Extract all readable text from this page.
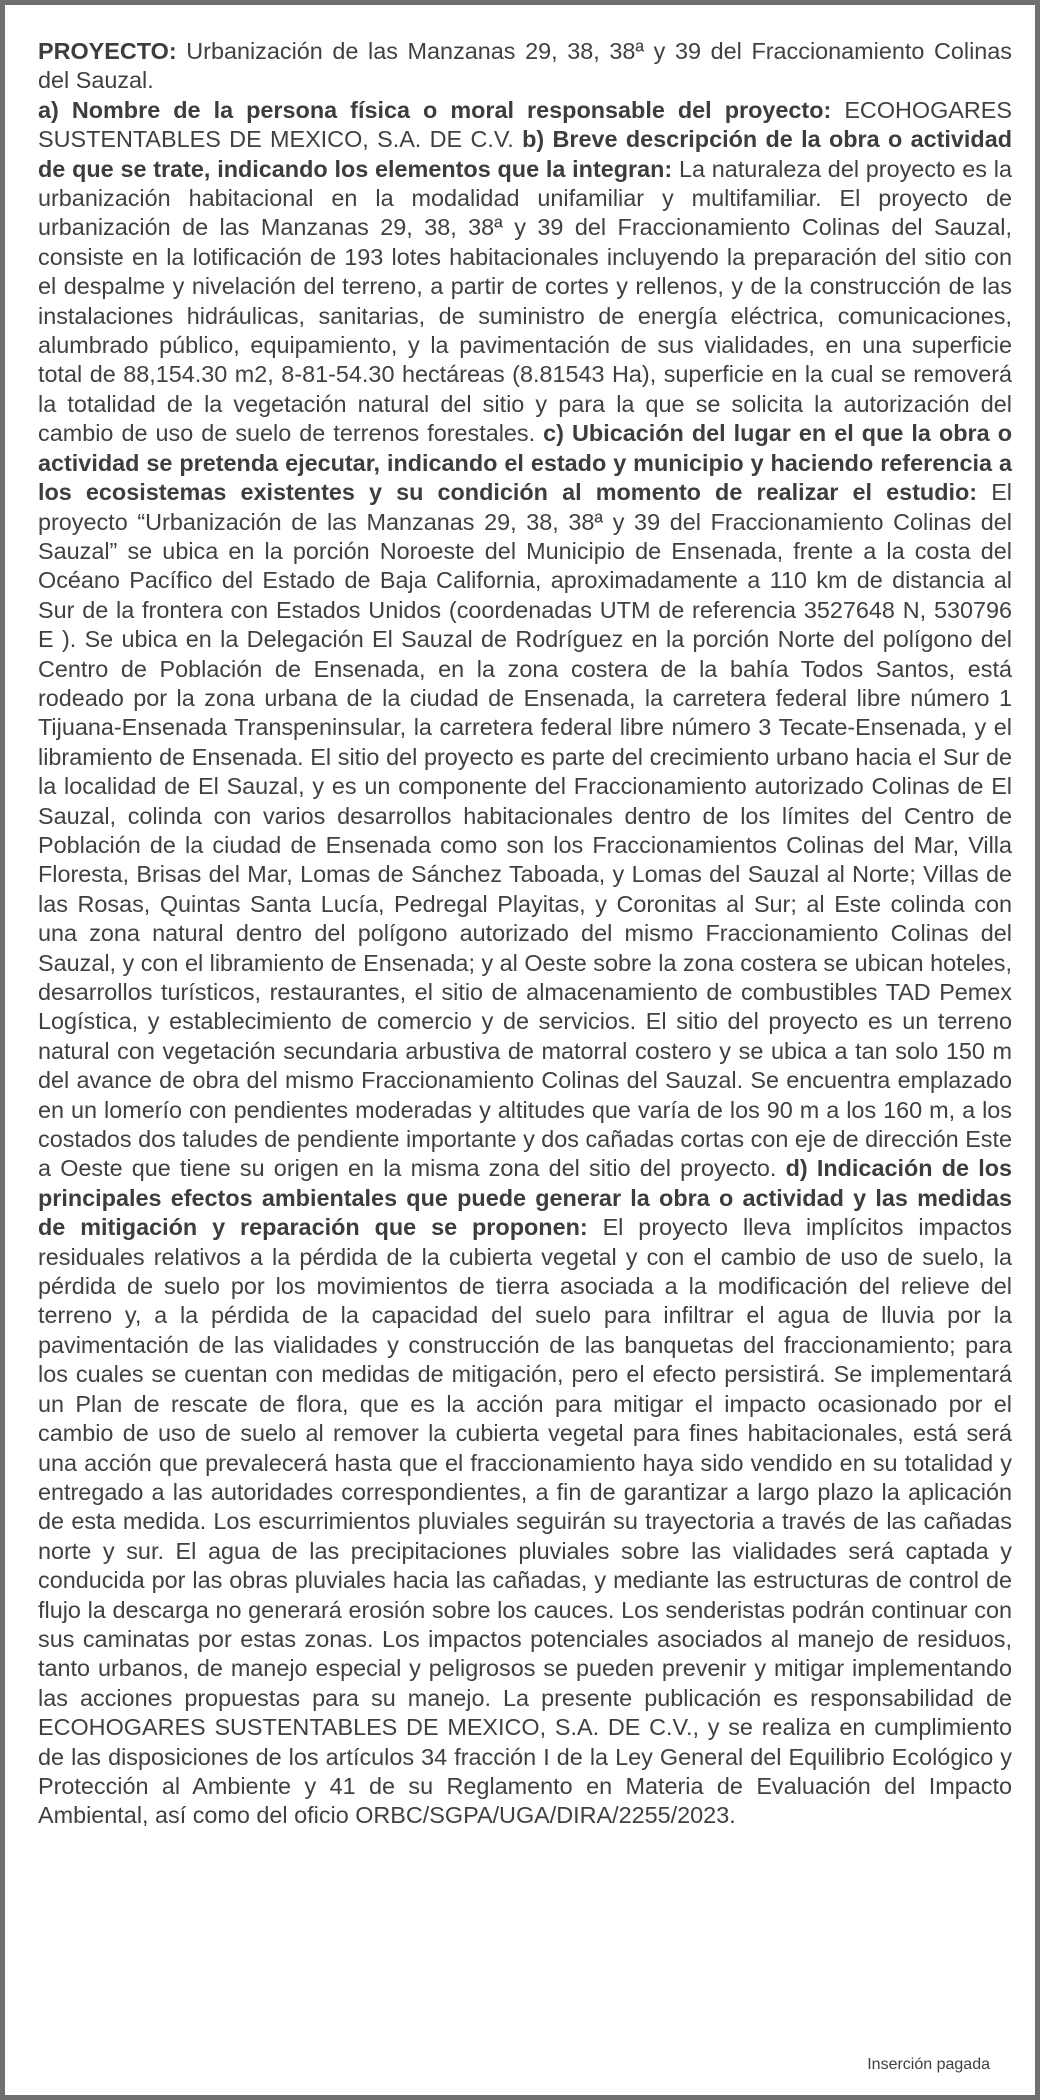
PROYECTO: Urbanización de las Manzanas 29, 38, 38ª y 39 del Fraccionamiento Colinas del Sauzal.

a) Nombre de la persona física o moral responsable del proyecto: ECOHOGARES SUSTENTABLES DE MEXICO, S.A. DE C.V. b) Breve descripción de la obra o actividad de que se trate, indicando los elementos que la integran: La naturaleza del proyecto es la urbanización habitacional en la modalidad unifamiliar y multifamiliar. El proyecto de urbanización de las Manzanas 29, 38, 38ª y 39 del Fraccionamiento Colinas del Sauzal, consiste en la lotificación de 193 lotes habitacionales incluyendo la preparación del sitio con el despalme y nivelación del terreno, a partir de cortes y rellenos, y de la construcción de las instalaciones hidráulicas, sanitarias, de suministro de energía eléctrica, comunicaciones, alumbrado público, equipamiento, y la pavimentación de sus vialidades, en una superficie total de 88,154.30 m2, 8-81-54.30 hectáreas (8.81543 Ha), superficie en la cual se removerá la totalidad de la vegetación natural del sitio y para la que se solicita la autorización del cambio de uso de suelo de terrenos forestales. c) Ubicación del lugar en el que la obra o actividad se pretenda ejecutar, indicando el estado y municipio y haciendo referencia a los ecosistemas existentes y su condición al momento de realizar el estudio: El proyecto “Urbanización de las Manzanas 29, 38, 38ª y 39 del Fraccionamiento Colinas del Sauzal” se ubica en la porción Noroeste del Municipio de Ensenada, frente a la costa del Océano Pacífico del Estado de Baja California, aproximadamente a 110 km de distancia al Sur de la frontera con Estados Unidos (coordenadas UTM de referencia 3527648 N, 530796 E ). Se ubica en la Delegación El Sauzal de Rodríguez en la porción Norte del polígono del Centro de Población de Ensenada, en la zona costera de la bahía Todos Santos, está rodeado por la zona urbana de la ciudad de Ensenada, la carretera federal libre número 1 Tijuana-Ensenada Transpeninsular, la carretera federal libre número 3 Tecate-Ensenada, y el libramiento de Ensenada. El sitio del proyecto es parte del crecimiento urbano hacia el Sur de la localidad de El Sauzal, y es un componente del Fraccionamiento autorizado Colinas de El Sauzal, colinda con varios desarrollos habitacionales dentro de los límites del Centro de Población de la ciudad de Ensenada como son los Fraccionamientos Colinas del Mar, Villa Floresta, Brisas del Mar, Lomas de Sánchez Taboada, y Lomas del Sauzal al Norte; Villas de las Rosas, Quintas Santa Lucía, Pedregal Playitas, y Coronitas al Sur; al Este colinda con una zona natural dentro del polígono autorizado del mismo Fraccionamiento Colinas del Sauzal, y con el libramiento de Ensenada; y al Oeste sobre la zona costera se ubican hoteles, desarrollos turísticos, restaurantes, el sitio de almacenamiento de combustibles TAD Pemex Logística, y establecimiento de comercio y de servicios. El sitio del proyecto es un terreno natural con vegetación secundaria arbustiva de matorral costero y se ubica a tan solo 150 m del avance de obra del mismo Fraccionamiento Colinas del Sauzal. Se encuentra emplazado en un lomerío con pendientes moderadas y altitudes que varía de los 90 m a los 160 m, a los costados dos taludes de pendiente importante y dos cañadas cortas con eje de dirección Este a Oeste que tiene su origen en la misma zona del sitio del proyecto. d) Indicación de los principales efectos ambientales que puede generar la obra o actividad y las medidas de mitigación y reparación que se proponen: El proyecto lleva implícitos impactos residuales relativos a la pérdida de la cubierta vegetal y con el cambio de uso de suelo, la pérdida de suelo por los movimientos de tierra asociada a la modificación del relieve del terreno y, a la pérdida de la capacidad del suelo para infiltrar el agua de lluvia por la pavimentación de las vialidades y construcción de las banquetas del fraccionamiento; para los cuales se cuentan con medidas de mitigación, pero el efecto persistirá. Se implementará un Plan de rescate de flora, que es la acción para mitigar el impacto ocasionado por el cambio de uso de suelo al remover la cubierta vegetal para fines habitacionales, está será una acción que prevalecerá hasta que el fraccionamiento haya sido vendido en su totalidad y entregado a las autoridades correspondientes, a fin de garantizar a largo plazo la aplicación de esta medida. Los escurrimientos pluviales seguirán su trayectoria a través de las cañadas norte y sur. El agua de las precipitaciones pluviales sobre las vialidades será captada y conducida por las obras pluviales hacia las cañadas, y mediante las estructuras de control de flujo la descarga no generará erosión sobre los cauces. Los senderistas podrán continuar con sus caminatas por estas zonas. Los impactos potenciales asociados al manejo de residuos, tanto urbanos, de manejo especial y peligrosos se pueden prevenir y mitigar implementando las acciones propuestas para su manejo. La presente publicación es responsabilidad de ECOHOGARES SUSTENTABLES DE MEXICO, S.A. DE C.V., y se realiza en cumplimiento de las disposiciones de los artículos 34 fracción I de la Ley General del Equilibrio Ecológico y Protección al Ambiente y 41 de su Reglamento en Materia de Evaluación del Impacto Ambiental, así como del oficio ORBC/SGPA/UGA/DIRA/2255/2023.

Inserción pagada
